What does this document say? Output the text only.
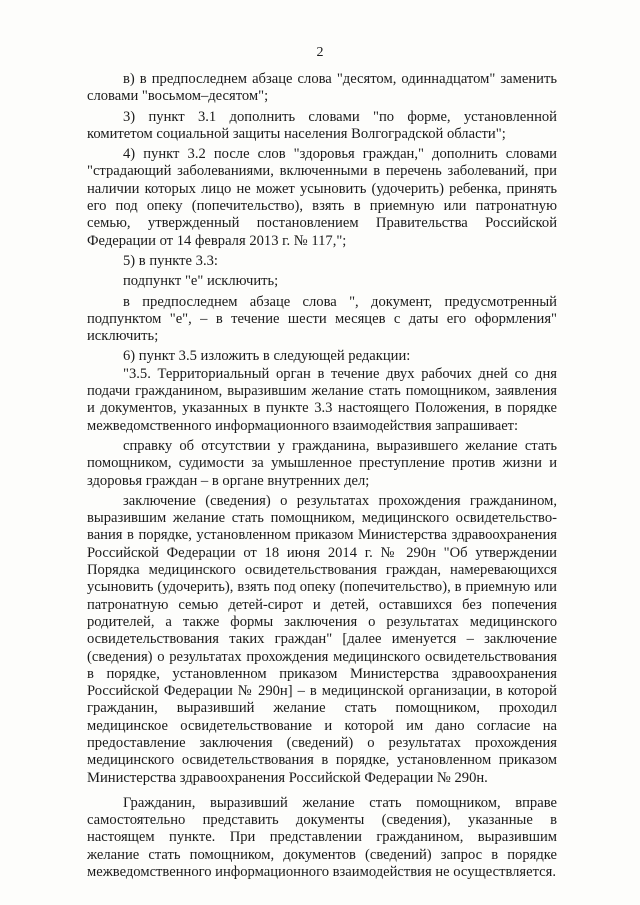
2

в) в предпоследнем абзаце слова "десятом, одиннадцатом" заменить словами "восьмом–десятом";

3) пункт 3.1 дополнить словами "по форме, установленной комитетом социальной защиты населения Волгоградской области";

4) пункт 3.2 после слов "здоровья граждан," дополнить словами "страдающий заболеваниями, включенными в перечень заболеваний, при наличии которых лицо не может усыновить (удочерить) ребенка, принять его под опеку (попечительство), взять в приемную или патронатную семью, утвержденный постановлением Правительства Российской Федерации от 14 февраля 2013 г. № 117,";

5) в пункте 3.3:

подпункт "е" исключить;

в предпоследнем абзаце слова ", документ, предусмотренный подпунктом "е", – в течение шести месяцев с даты его оформления" исключить;

6) пункт 3.5 изложить в следующей редакции:

"3.5. Территориальный орган в течение двух рабочих дней со дня подачи гражданином, выразившим желание стать помощником, заявления и документов, указанных в пункте 3.3 настоящего Положения, в порядке межведомственного информационного взаимодействия запрашивает:

справку об отсутствии у гражданина, выразившего желание стать помощником, судимости за умышленное преступление против жизни и здоровья граждан – в органе внутренних дел;

заключение (сведения) о результатах прохождения гражданином, выразившим желание стать помощником, медицинского освидетельство-вания в порядке, установленном приказом Министерства здравоохранения Российской Федерации от 18 июня 2014 г. № 290н "Об утверждении Порядка медицинского освидетельствования граждан, намеревающихся усыновить (удочерить), взять под опеку (попечительство), в приемную или патронатную семью детей-сирот и детей, оставшихся без попечения родителей, а также формы заключения о результатах медицинского освидетельствования таких граждан" [далее именуется – заключение (сведения) о результатах прохождения медицинского освидетельствования в порядке, установленном приказом Министерства здравоохранения Российской Федерации № 290н] – в медицинской организации, в которой гражданин, выразивший желание стать помощником, проходил медицинское освидетельствование и которой им дано согласие на предоставление заключения (сведений) о результатах прохождения медицинского освидетельствования в порядке, установленном приказом Министерства здравоохранения Российской Федерации № 290н.

Гражданин, выразивший желание стать помощником, вправе самостоятельно представить документы (сведения), указанные в настоящем пункте. При представлении гражданином, выразившим желание стать помощником, документов (сведений) запрос в порядке межведомственного информационного взаимодействия не осуществляется.
